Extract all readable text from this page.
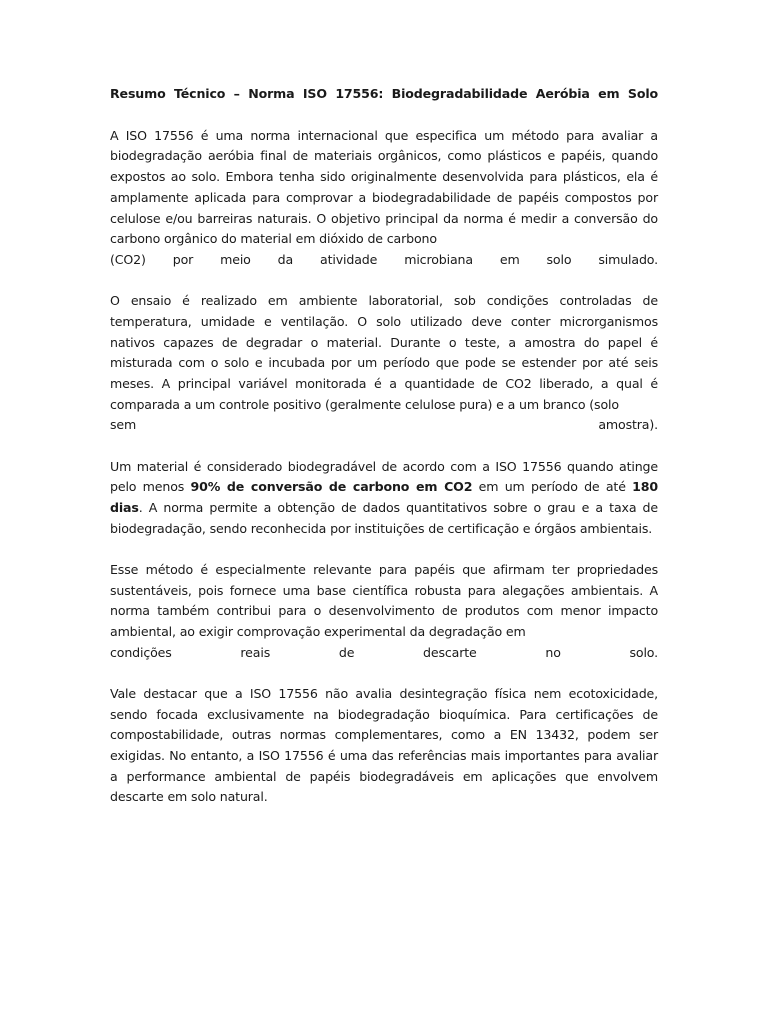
Resumo Técnico – Norma ISO 17556: Biodegradabilidade Aeróbia em Solo
A ISO 17556 é uma norma internacional que especifica um método para avaliar a biodegradação aeróbia final de materiais orgânicos, como plásticos e papéis, quando expostos ao solo. Embora tenha sido originalmente desenvolvida para plásticos, ela é amplamente aplicada para comprovar a biodegradabilidade de papéis compostos por celulose e/ou barreiras naturais. O objetivo principal da norma é medir a conversão do carbono orgânico do material em dióxido de carbono
(CO2) por meio da atividade microbiana em solo simulado.
O ensaio é realizado em ambiente laboratorial, sob condições controladas de temperatura, umidade e ventilação. O solo utilizado deve conter microrganismos nativos capazes de degradar o material. Durante o teste, a amostra do papel é misturada com o solo e incubada por um período que pode se estender por até seis meses. A principal variável monitorada é a quantidade de CO2 liberado, a qual é comparada a um controle positivo (geralmente celulose pura) e a um branco (solo
sem amostra).
Um material é considerado biodegradável de acordo com a ISO 17556 quando atinge pelo menos 90% de conversão de carbono em CO2 em um período de até 180 dias. A norma permite a obtenção de dados quantitativos sobre o grau e a taxa de biodegradação, sendo reconhecida por instituições de certificação e órgãos ambientais.
Esse método é especialmente relevante para papéis que afirmam ter propriedades sustentáveis, pois fornece uma base científica robusta para alegações ambientais. A norma também contribui para o desenvolvimento de produtos com menor impacto ambiental, ao exigir comprovação experimental da degradação em
condições reais de descarte no solo.
Vale destacar que a ISO 17556 não avalia desintegração física nem ecotoxicidade, sendo focada exclusivamente na biodegradação bioquímica. Para certificações de compostabilidade, outras normas complementares, como a EN 13432, podem ser exigidas. No entanto, a ISO 17556 é uma das referências mais importantes para avaliar a performance ambiental de papéis biodegradáveis em aplicações que envolvem descarte em solo natural.
